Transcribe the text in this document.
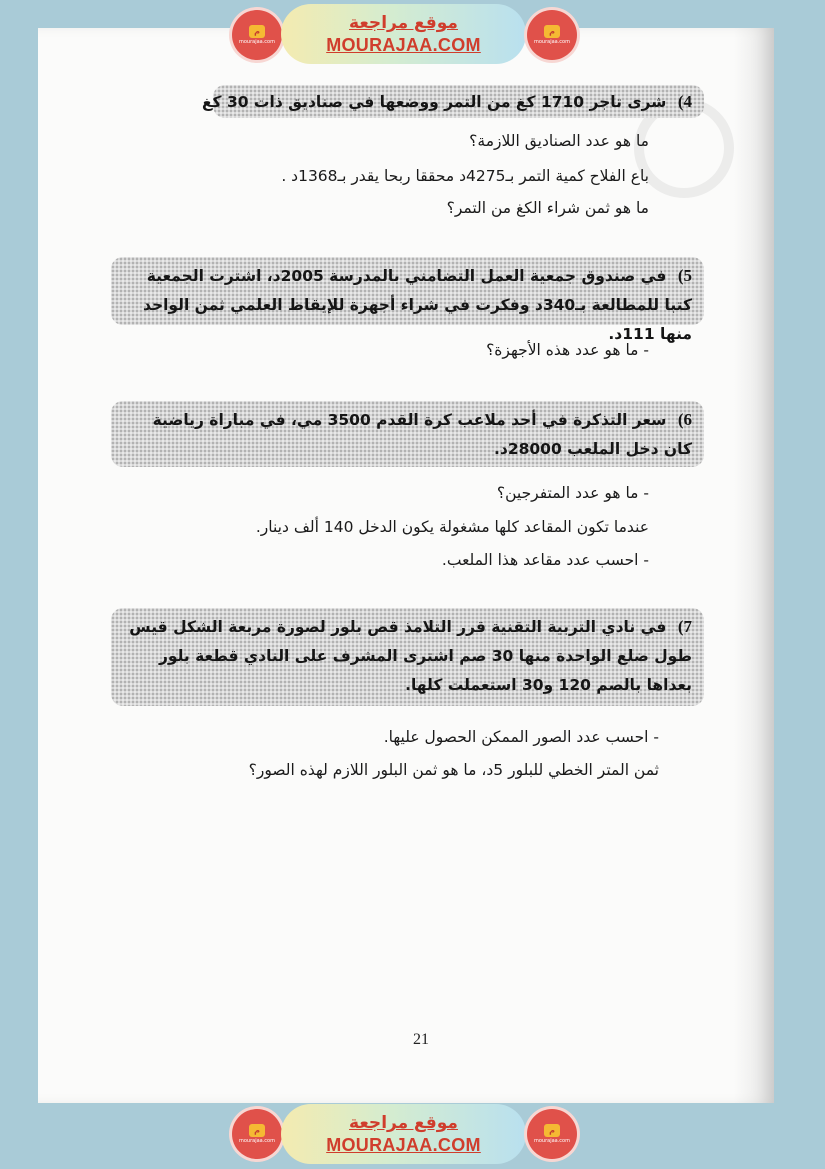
م
mourajaa.com
موقع مراجعة
MOURAJAA.COM
م
mourajaa.com
4) شرى تاجر 1710 كغ من التمر ووضعها في صناديق ذات 30 كغ
ما هو عدد الصناديق اللازمة؟
باع الفلاح كمية التمر بـ4275د محققا ربحا يقدر بـ1368د .
ما هو ثمن شراء الكغ من التمر؟
5) في صندوق جمعية العمل التضامني بالمدرسة 2005د، اشترت الجمعية كتبا للمطالعة بـ340د وفكرت في شراء أجهزة للإيقاظ العلمي ثمن الواحد منها 111د.
- ما هو عدد هذه الأجهزة؟
6) سعر التذكرة في أحد ملاعب كرة القدم 3500 مي، في مباراة رياضية كان دخل الملعب 28000د.
- ما هو عدد المتفرجين؟
عندما تكون المقاعد كلها مشغولة يكون الدخل 140 ألف دينار.
- احسب عدد مقاعد هذا الملعب.
7) في نادي التربية التقنية قرر التلامذ قص بلور لصورة مربعة الشكل قيس طول ضلع الواحدة منها 30 صم اشترى المشرف على النادي قطعة بلور بعداها بالصم 120 و30 استعملت كلها.
- احسب عدد الصور الممكن الحصول عليها.
ثمن المتر الخطي للبلور 5د، ما هو ثمن البلور اللازم لهذه الصور؟
21
م
mourajaa.com
موقع مراجعة
MOURAJAA.COM
م
mourajaa.com
